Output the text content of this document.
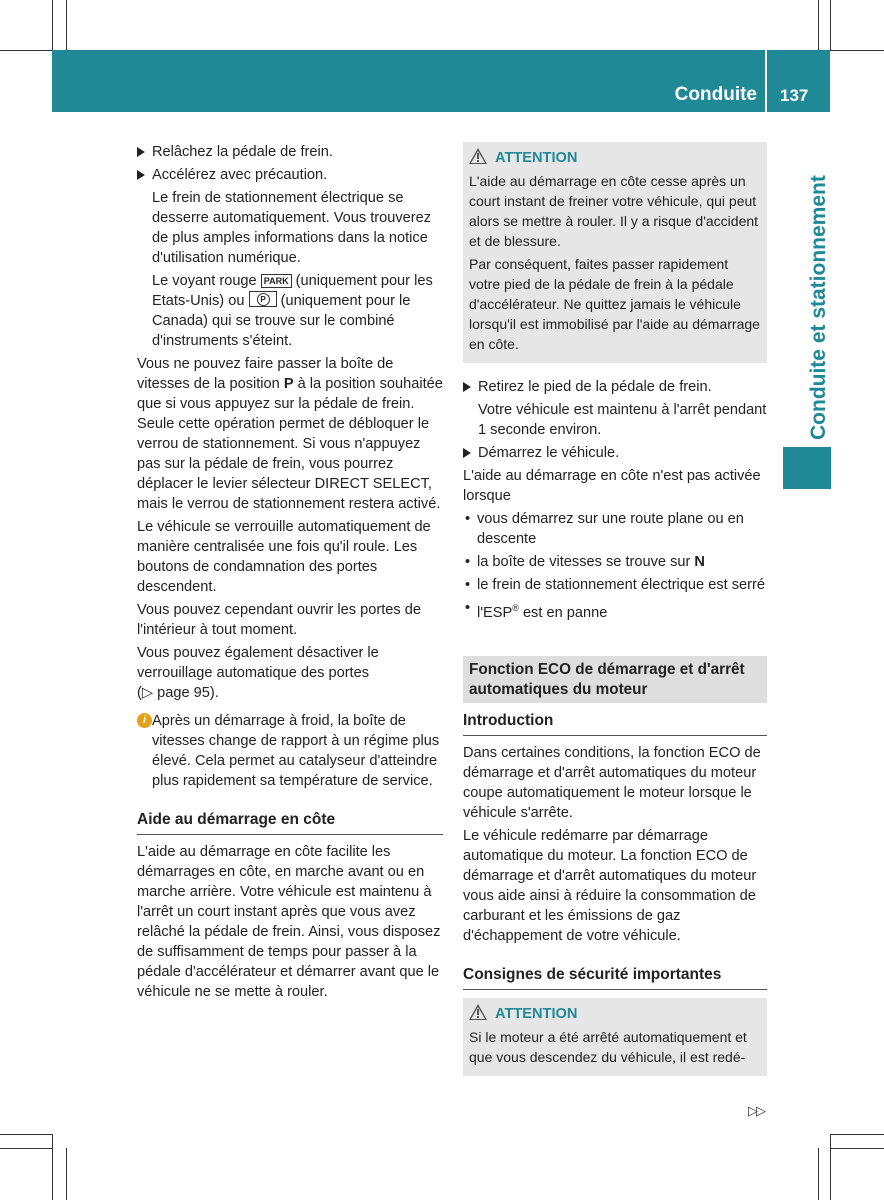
Conduite 137
Conduite et stationnement
Relâchez la pédale de frein.
Accélérez avec précaution.

Le frein de stationnement électrique se desserre automatiquement. Vous trouverez de plus amples informations dans la notice d'utilisation numérique.

Le voyant rouge PARK (uniquement pour les Etats-Unis) ou	P (uniquement pour le Canada) qui se trouve sur le combiné d'instruments s'éteint.

Vous ne pouvez faire passer la boîte de vitesses de la position P à la position souhaitée que si vous appuyez sur la pédale de frein. Seule cette opération permet de débloquer le verrou de stationnement. Si vous n'appuyez pas sur la pédale de frein, vous pourrez déplacer le levier sélecteur DIRECT SELECT, mais le verrou de stationnement restera activé.

Le véhicule se verrouille automatiquement de manière centralisée une fois qu'il roule. Les boutons de condamnation des portes descendent.

Vous pouvez cependant ouvrir les portes de l'intérieur à tout moment.

Vous pouvez également désactiver le verrouillage automatique des portes
(▷ page 95).

i Après un démarrage à froid, la boîte de vitesses change de rapport à un régime plus élevé. Cela permet au catalyseur d'atteindre plus rapidement sa température de service.
Aide au démarrage en côte

L'aide au démarrage en côte facilite les démarrages en côte, en marche avant ou en marche arrière. Votre véhicule est maintenu à l'arrêt un court instant après que vous avez relâché la pédale de frein. Ainsi, vous disposez de suffisamment de temps pour passer à la pédale d'accélérateur et démarrer avant que le véhicule ne se mette à rouler.

ATTENTION

L'aide au démarrage en côte cesse après un court instant de freiner votre véhicule, qui peut alors se mettre à rouler. Il y a risque d'accident et de blessure.

Par conséquent, faites passer rapidement votre pied de la pédale de frein à la pédale d'accélérateur. Ne quittez jamais le véhicule lorsqu'il est immobilisé par l'aide au démarrage en côte.

Retirez le pied de la pédale de frein.

Votre véhicule est maintenu à l'arrêt pendant 1 seconde environ.

Démarrez le véhicule.

L'aide au démarrage en côte n'est pas activée lorsque

• vous démarrez sur une route plane ou en descente
• la boîte de vitesses se trouve sur N
• le frein de stationnement électrique est serré
• l'ESP® est en panne
Fonction ECO de démarrage et d'arrêt automatiques du moteur
Introduction

Dans certaines conditions, la fonction ECO de démarrage et d'arrêt automatiques du moteur coupe automatiquement le moteur lorsque le véhicule s'arrête.

Le véhicule redémarre par démarrage automatique du moteur. La fonction ECO de démarrage et d'arrêt automatiques du moteur vous aide ainsi à réduire la consommation de carburant et les émissions de gaz d'échappement de votre véhicule.

Consignes de sécurité importantes
ATTENTION

Si le moteur a été arrêté automatiquement et que vous descendez du véhicule, il est redé-

▷▷
